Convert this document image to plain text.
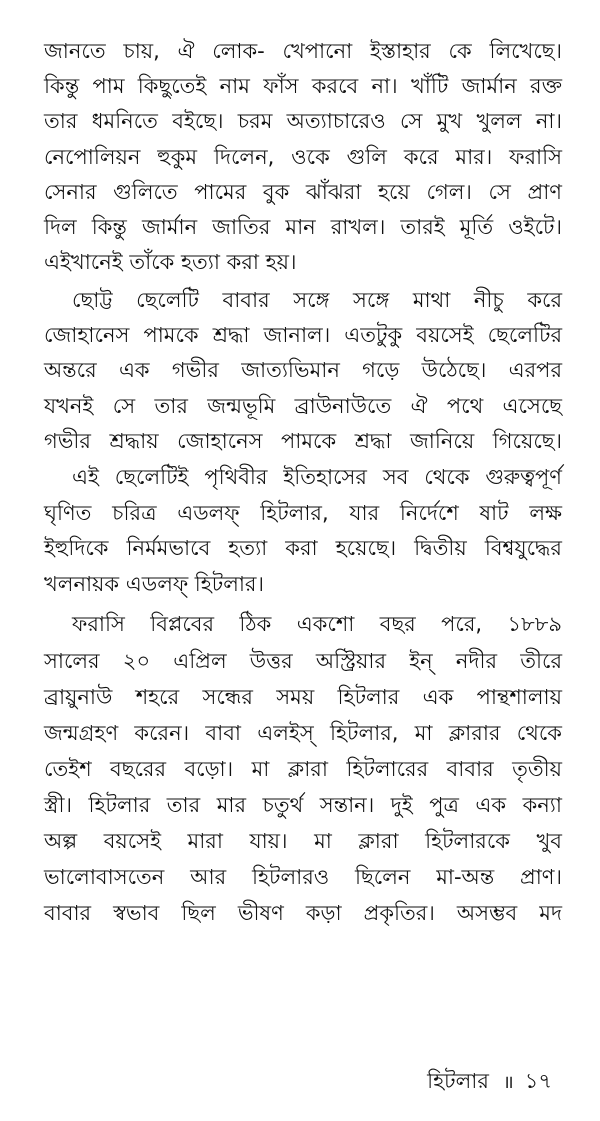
জানতে চায়, ঐ লোক- খেপানো ইস্তাহার কে লিখেছে।
কিন্তু পাম কিছুতেই নাম ফাঁস করবে না। খাঁটি জার্মান রক্ত
তার ধমনিতে বইছে। চরম অত্যাচারেও সে মুখ খুলল না।
নেপোলিয়ন হুকুম দিলেন, ওকে গুলি করে মার। ফরাসি
সেনার গুলিতে পামের বুক ঝাঁঝরা হয়ে গেল। সে প্রাণ
দিল কিন্তু জার্মান জাতির মান রাখল। তারই মূর্তি ওইটে।
এইখানেই তাঁকে হত্যা করা হয়।
ছোট্ট ছেলেটি বাবার সঙ্গে সঙ্গে মাথা নীচু করে
জোহানেস পামকে শ্রদ্ধা জানাল। এতটুকু বয়সেই ছেলেটির
অন্তরে এক গভীর জাত্যভিমান গড়ে উঠেছে। এরপর
যখনই সে তার জন্মভূমি ব্রাউনাউতে ঐ পথে এসেছে
গভীর শ্রদ্ধায় জোহানেস পামকে শ্রদ্ধা জানিয়ে গিয়েছে।
এই ছেলেটিই পৃথিবীর ইতিহাসের সব থেকে গুরুত্বপূর্ণ
ঘৃণিত চরিত্র এডলফ্ হিটলার, যার নির্দেশে ষাট লক্ষ
ইহুদিকে নির্মমভাবে হত্যা করা হয়েছে। দ্বিতীয় বিশ্বযুদ্ধের
খলনায়ক এডলফ্ হিটলার।
ফরাসি বিপ্লবের ঠিক একশো বছর পরে, ১৮৮৯
সালের ২০ এপ্রিল উত্তর অস্ট্রিয়ার ইন্ নদীর তীরে
ব্রায়ুনাউ শহরে সন্ধের সময় হিটলার এক পান্থশালায়
জন্মগ্রহণ করেন। বাবা এলইস্ হিটলার, মা ক্লারার থেকে
তেইশ বছরের বড়ো। মা ক্লারা হিটলারের বাবার তৃতীয়
স্ত্রী। হিটলার তার মার চতুর্থ সন্তান। দুই পুত্র এক কন্যা
অল্প বয়সেই মারা যায়। মা ক্লারা হিটলারকে খুব
ভালোবাসতেন আর হিটলারও ছিলেন মা-অন্ত প্রাণ।
বাবার স্বভাব ছিল ভীষণ কড়া প্রকৃতির। অসম্ভব মদ
হিটলার ॥ ১৭
